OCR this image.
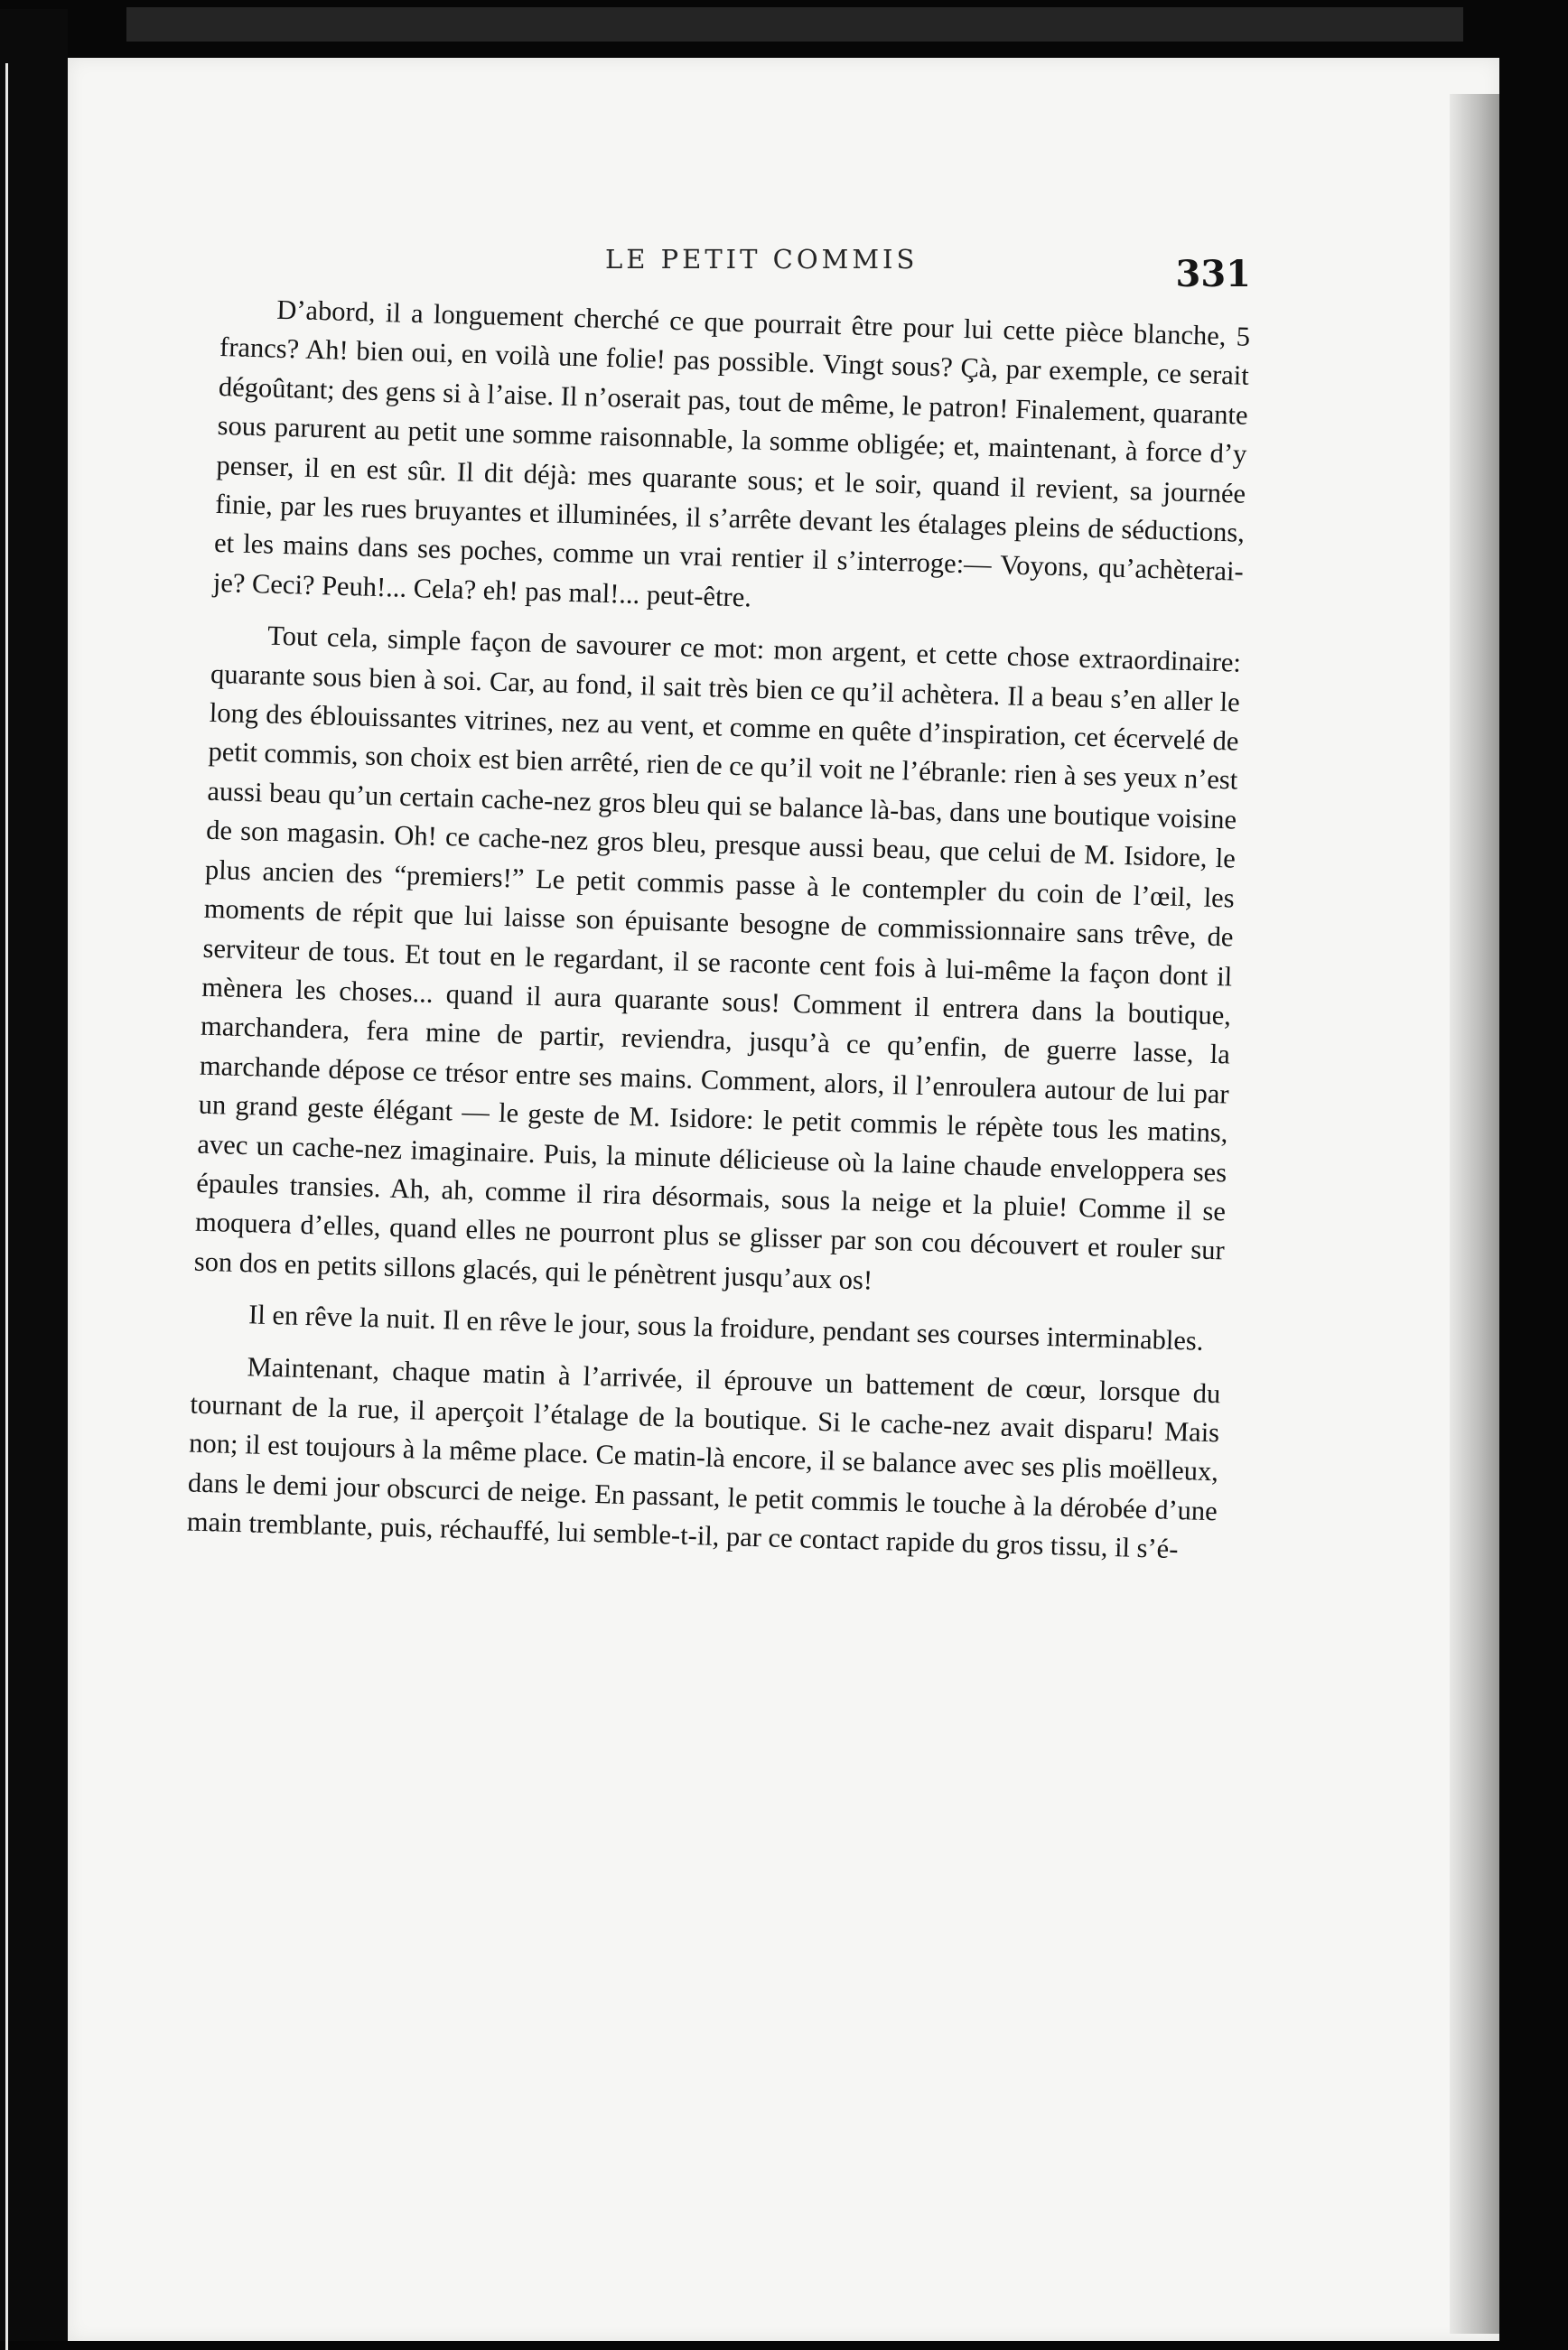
LE PETIT COMMIS	331

D’abord, il a longuement cherché ce que pourrait être pour lui cette pièce blanche, 5 francs? Ah! bien oui, en voilà une folie! pas possible. Vingt sous? Çà, par exemple, ce serait dégoûtant; des gens si à l’aise. Il n’oserait pas, tout de même, le patron! Finalement, quarante sous parurent au petit une somme raisonnable, la somme obligée; et, maintenant, à force d’y penser, il en est sûr. Il dit déjà: mes quarante sous; et le soir, quand il revient, sa journée finie, par les rues bruyantes et illuminées, il s’arrête devant les étalages pleins de séductions, et les mains dans ses poches, comme un vrai rentier il s’interroge:— Voyons, qu’achèterai-je? Ceci? Peuh!... Cela? eh! pas mal!... peut-être.

Tout cela, simple façon de savourer ce mot: mon argent, et cette chose extraordinaire: quarante sous bien à soi. Car, au fond, il sait très bien ce qu’il achètera. Il a beau s’en aller le long des éblouissantes vitrines, nez au vent, et comme en quête d’inspiration, cet écervelé de petit commis, son choix est bien arrêté, rien de ce qu’il voit ne l’ébranle: rien à ses yeux n’est aussi beau qu’un certain cache-nez gros bleu qui se balance là-bas, dans une boutique voisine de son magasin. Oh! ce cache-nez gros bleu, presque aussi beau, que celui de M. Isidore, le plus ancien des “premiers!” Le petit commis passe à le contempler du coin de l’œil, les moments de répit que lui laisse son épuisante besogne de commissionnaire sans trêve, de serviteur de tous. Et tout en le regardant, il se raconte cent fois à lui-même la façon dont il mènera les choses... quand il aura quarante sous! Comment il entrera dans la boutique, marchandera, fera mine de partir, reviendra, jusqu’à ce qu’enfin, de guerre lasse, la marchande dépose ce trésor entre ses mains. Comment, alors, il l’enroulera autour de lui par un grand geste élégant — le geste de M. Isidore: le petit commis le répète tous les matins, avec un cache-nez imaginaire. Puis, la minute délicieuse où la laine chaude enveloppera ses épaules transies. Ah, ah, comme il rira désormais, sous la neige et la pluie! Comme il se moquera d’elles, quand elles ne pourront plus se glisser par son cou découvert et rouler sur son dos en petits sillons glacés, qui le pénètrent jusqu’aux os!

Il en rêve la nuit. Il en rêve le jour, sous la froidure, pendant ses courses interminables.

Maintenant, chaque matin à l’arrivée, il éprouve un battement de cœur, lorsque du tournant de la rue, il aperçoit l’étalage de la boutique. Si le cache-nez avait disparu! Mais non; il est toujours à la même place. Ce matin-là encore, il se balance avec ses plis moëlleux, dans le demi jour obscurci de neige. En passant, le petit commis le touche à la dérobée d’une main tremblante, puis, réchauffé, lui semble-t-il, par ce contact rapide du gros tissu, il s’é-
